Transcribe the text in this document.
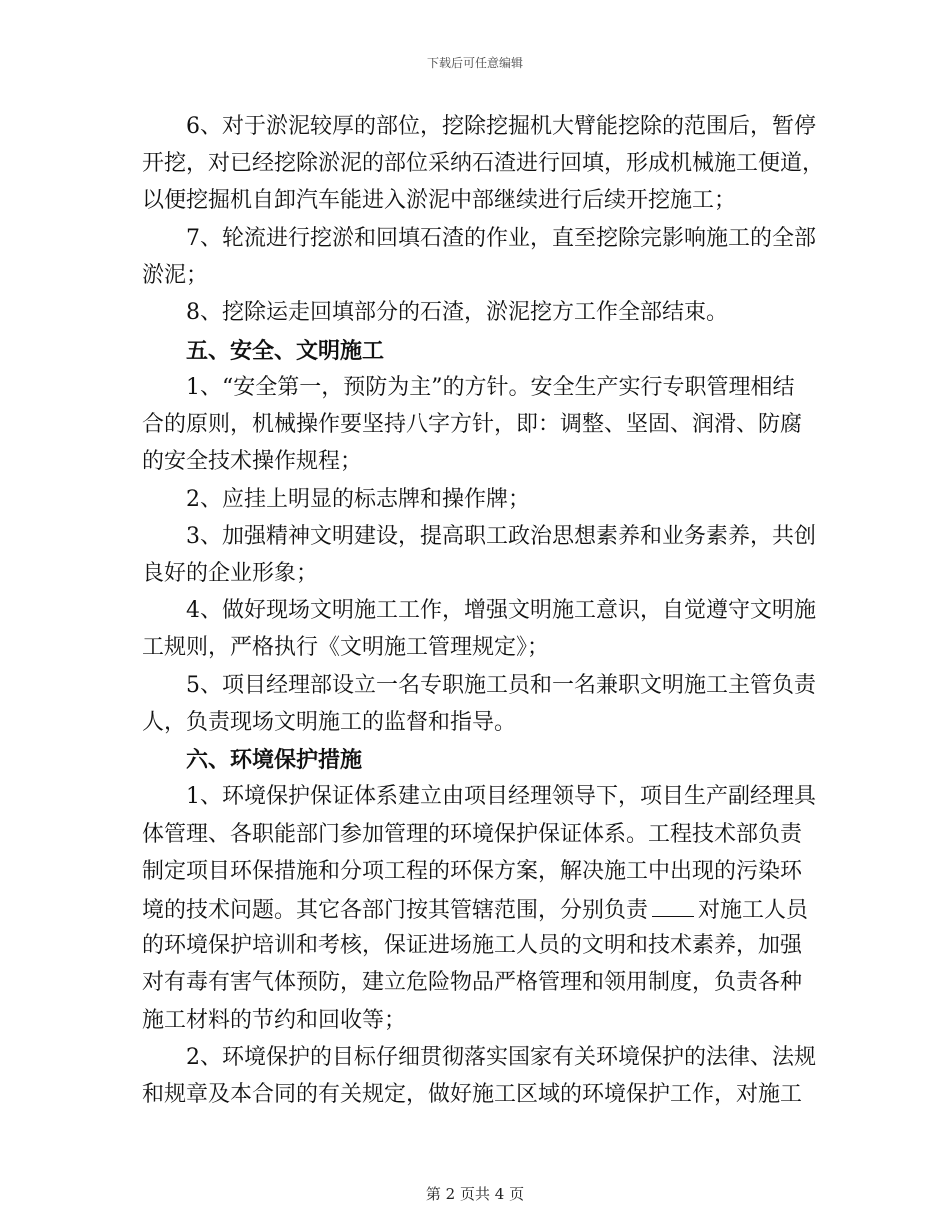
下载后可任意编辑
6、对于淤泥较厚的部位，挖除挖掘机大臂能挖除的范围后，暂停
开挖，对已经挖除淤泥的部位采纳石渣进行回填，形成机械施工便道，
以便挖掘机自卸汽车能进入淤泥中部继续进行后续开挖施工；
7、轮流进行挖淤和回填石渣的作业，直至挖除完影响施工的全部
淤泥；
8、挖除运走回填部分的石渣，淤泥挖方工作全部结束。
五、安全、文明施工
1、“安全第一，预防为主”的方针。安全生产实行专职管理相结
合的原则，机械操作要坚持八字方针，即：调整、坚固、润滑、防腐
的安全技术操作规程；
2、应挂上明显的标志牌和操作牌；
3、加强精神文明建设，提高职工政治思想素养和业务素养，共创
良好的企业形象；
4、做好现场文明施工工作，增强文明施工意识，自觉遵守文明施
工规则，严格执行《文明施工管理规定》；
5、项目经理部设立一名专职施工员和一名兼职文明施工主管负责
人，负责现场文明施工的监督和指导。
六、环境保护措施
1、环境保护保证体系建立由项目经理领导下，项目生产副经理具
体管理、各职能部门参加管理的环境保护保证体系。工程技术部负责
制定项目环保措施和分项工程的环保方案，解决施工中出现的污染环
境的技术问题。其它各部门按其管辖范围，分别负责 对施工人员
的环境保护培训和考核，保证进场施工人员的文明和技术素养，加强
对有毒有害气体预防，建立危险物品严格管理和领用制度，负责各种
施工材料的节约和回收等；
2、环境保护的目标仔细贯彻落实国家有关环境保护的法律、法规
和规章及本合同的有关规定，做好施工区域的环境保护工作，对施工
第 2 页共 4 页
